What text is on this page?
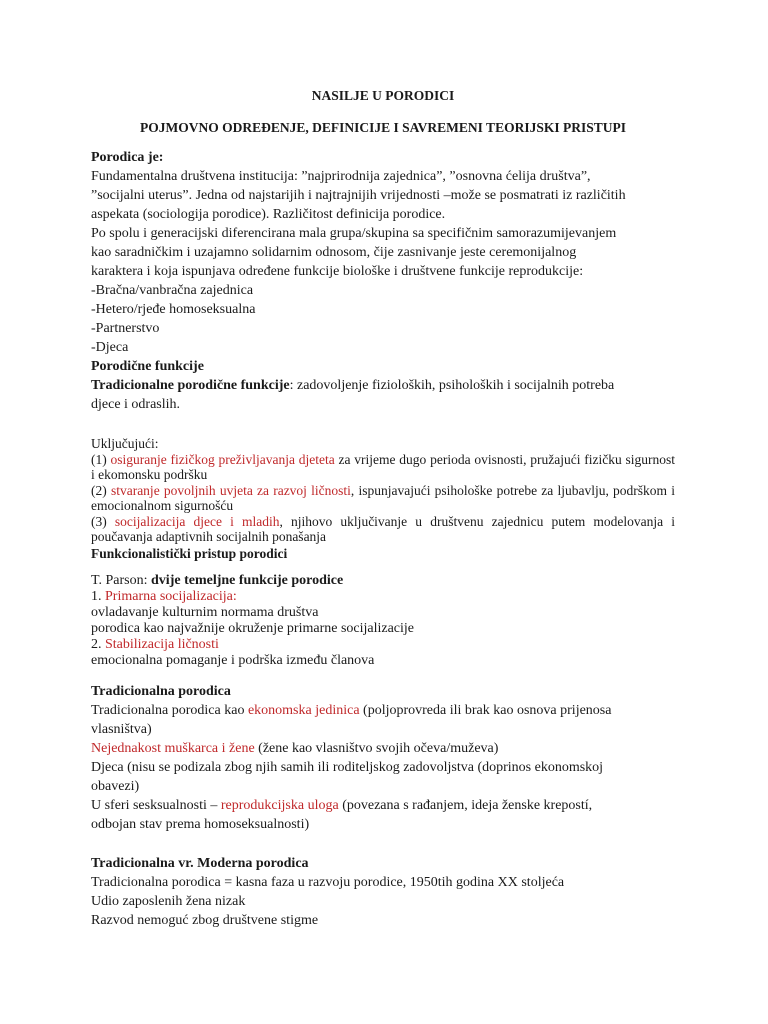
NASILJE U PORODICI

POJMOVNO ODREĐENJE, DEFINICIJE I SAVREMENI TEORIJSKI PRISTUPI

Porodica je:

Fundamentalna društvena institucija: ”najprirodnija zajednica”, ”osnovna ćelija društva”,

”socijalni uterus”. Jedna od najstarijih i najtrajnijih vrijednosti –može se posmatrati iz različitih

aspekata (sociologija porodice). Različitost definicija porodice.

Po spolu i generacijski diferencirana mala grupa/skupina sa specifičnim samorazumijevanjem

kao saradničkim i uzajamno solidarnim odnosom, čije zasnivanje jeste ceremonijalnog

karaktera i koja ispunjava određene funkcije biološke i društvene funkcije reprodukcije:

-Bračna/vanbračna zajednica

-Hetero/rjeđe homoseksualna

-Partnerstvo

-Djeca

Porodične funkcije

Tradicionalne porodične funkcije: zadovoljenje fizioloških, psiholoških i socijalnih potreba

djece i odraslih.

Uključujući:

(1) osiguranje fizičkog preživljavanja djeteta za vrijeme dugo perioda ovisnosti, pružajući fizičku sigurnost i ekomonsku podršku

(2) stvaranje povoljnih uvjeta za razvoj ličnosti, ispunjavajući psihološke potrebe za ljubavlju, podrškom i emocionalnom sigurnošću

(3) socijalizacija djece i mladih, njihovo uključivanje u društvenu zajednicu putem modelovanja i poučavanja adaptivnih socijalnih ponašanja

Funkcionalistički pristup porodici

T. Parson: dvije temeljne funkcije porodice

1. Primarna socijalizacija:

ovladavanje kulturnim normama društva

porodica kao najvažnije okruženje primarne socijalizacije

2. Stabilizacija ličnosti

emocionalna pomaganje i podrška između članova

Tradicionalna porodica

Tradicionalna porodica kao ekonomska jedinica (poljoprovreda ili brak kao osnova prijenosa

vlasništva)

Nejednakost muškarca i žene (žene kao vlasništvo svojih očeva/muževa)

Djeca (nisu se podizala zbog njih samih ili roditeljskog zadovoljstva (doprinos ekonomskoj

obavezi)

U sferi sesksualnosti – reprodukcijska uloga (povezana s rađanjem, ideja ženske krepostí,

odbojan stav prema homoseksualnosti)

Tradicionalna vr. Moderna porodica

Tradicionalna porodica = kasna faza u razvoju porodice, 1950tih godina XX stoljeća

Udio zaposlenih žena nizak

Razvod nemoguć zbog društvene stigme
